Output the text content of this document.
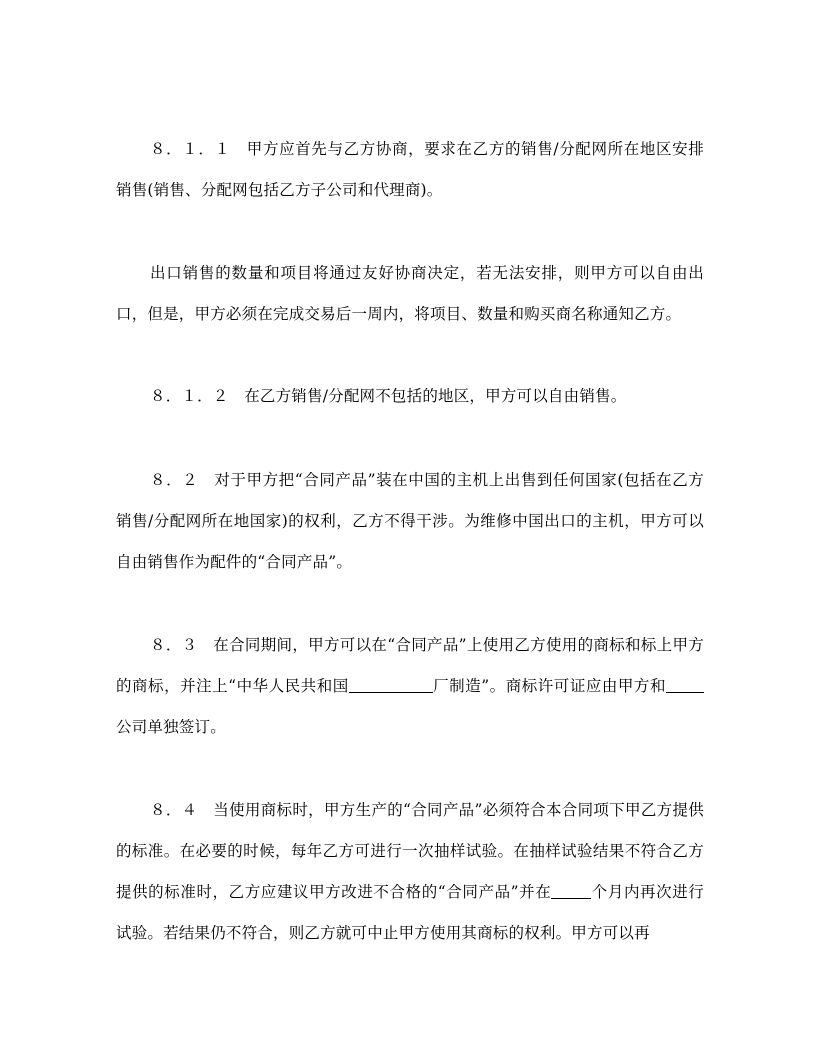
８．１．１　甲方应首先与乙方协商，要求在乙方的销售/分配网所在地区安排销售(销售、分配网包括乙方子公司和代理商)。
出口销售的数量和项目将通过友好协商决定，若无法安排，则甲方可以自由出口，但是，甲方必须在完成交易后一周内，将项目、数量和购买商名称通知乙方。
８．１．２　在乙方销售/分配网不包括的地区，甲方可以自由销售。
８．２　对于甲方把“合同产品”装在中国的主机上出售到任何国家(包括在乙方销售/分配网所在地国家)的权利，乙方不得干涉。为维修中国出口的主机，甲方可以自由销售作为配件的“合同产品”。
８．３　在合同期间，甲方可以在“合同产品”上使用乙方使用的商标和标上甲方的商标，并注上“中华人民共和国	厂制造”。商标许可证应由甲方和公司单独签订。
８．４　当使用商标时，甲方生产的“合同产品”必须符合本合同项下甲乙方提供的标准。在必要的时候，每年乙方可进行一次抽样试验。在抽样试验结果不符合乙方提供的标准时，乙方应建议甲方改进不合格的“合同产品”并在	个月内再次进行试验。若结果仍不符合，则乙方就可中止甲方使用其商标的权利。甲方可以再
